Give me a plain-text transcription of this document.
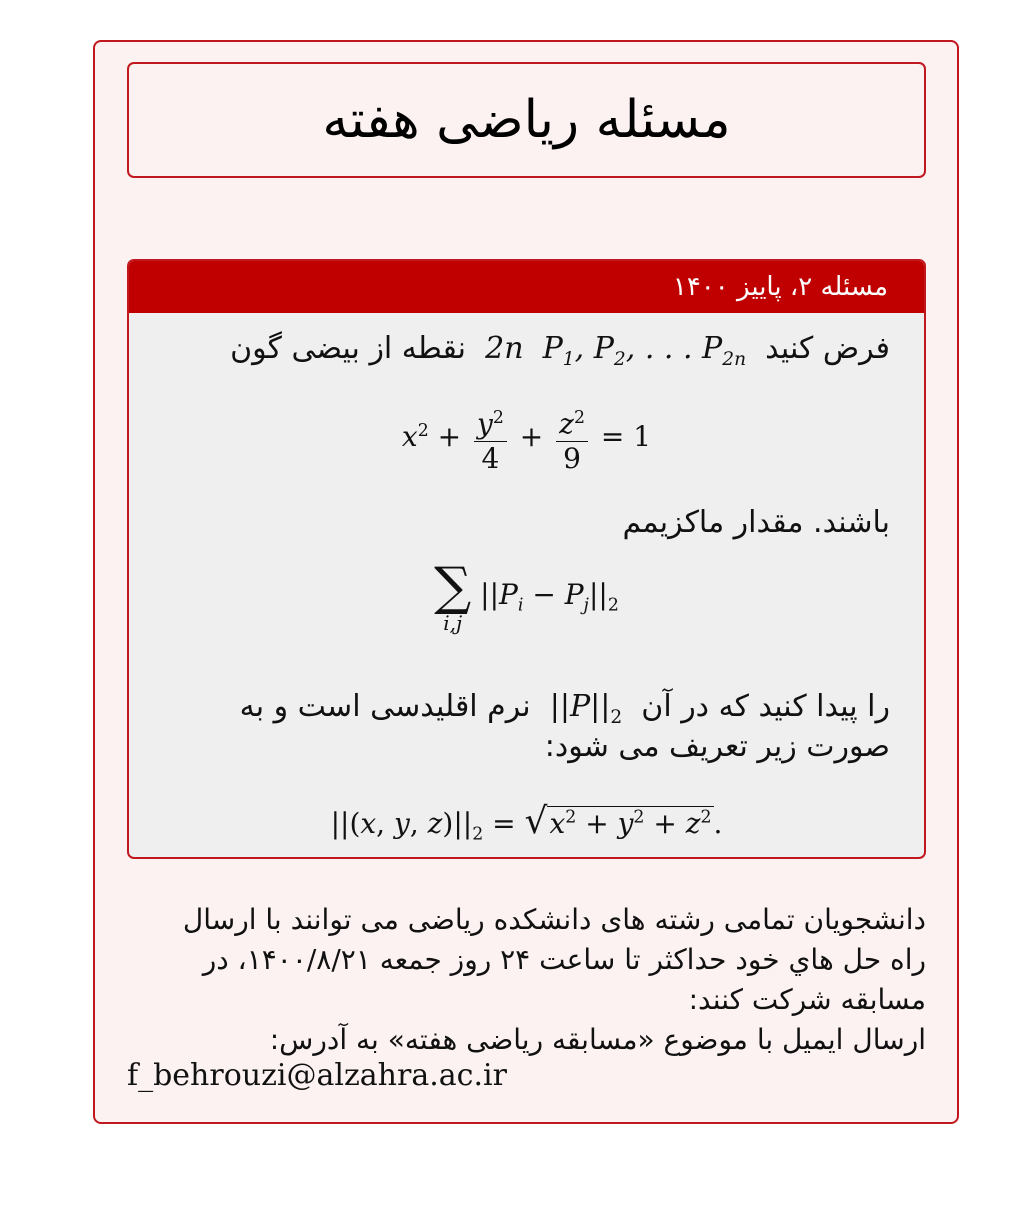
مسئله ریاضی هفته
مسئله ۲، پاییز ۱۴۰۰
فرض کنید  2n $P_1$, $P_2$, . . . $P_{2n}$  نقطه از بیضی گون
$x^2 + \frac{y^2}{4} + \frac{z^2}{9} = 1$
باشند. مقدار ماکزیمم
∑
i,j
$||P_i - P_j||_2$
را پیدا کنید که در آن  $||P||_2$  نرم اقلیدسی است و به
صورت زیر تعریف می شود:
||(x, y, $z)||_2 = √x^2 + y^2 + z^2$.
دانشجویان تمامی رشته های دانشکده ریاضی می توانند با ارسال
راه حل هاي خود حداکثر تا ساعت ۲۴ روز جمعه ۱۴۰۰/۸/۲۱، در
مسابقه شرکت کنند:
ارسال ایمیل با موضوع «مسابقه ریاضی هفته» به آدرس:
f_behrouzi@alzahra.ac.ir
